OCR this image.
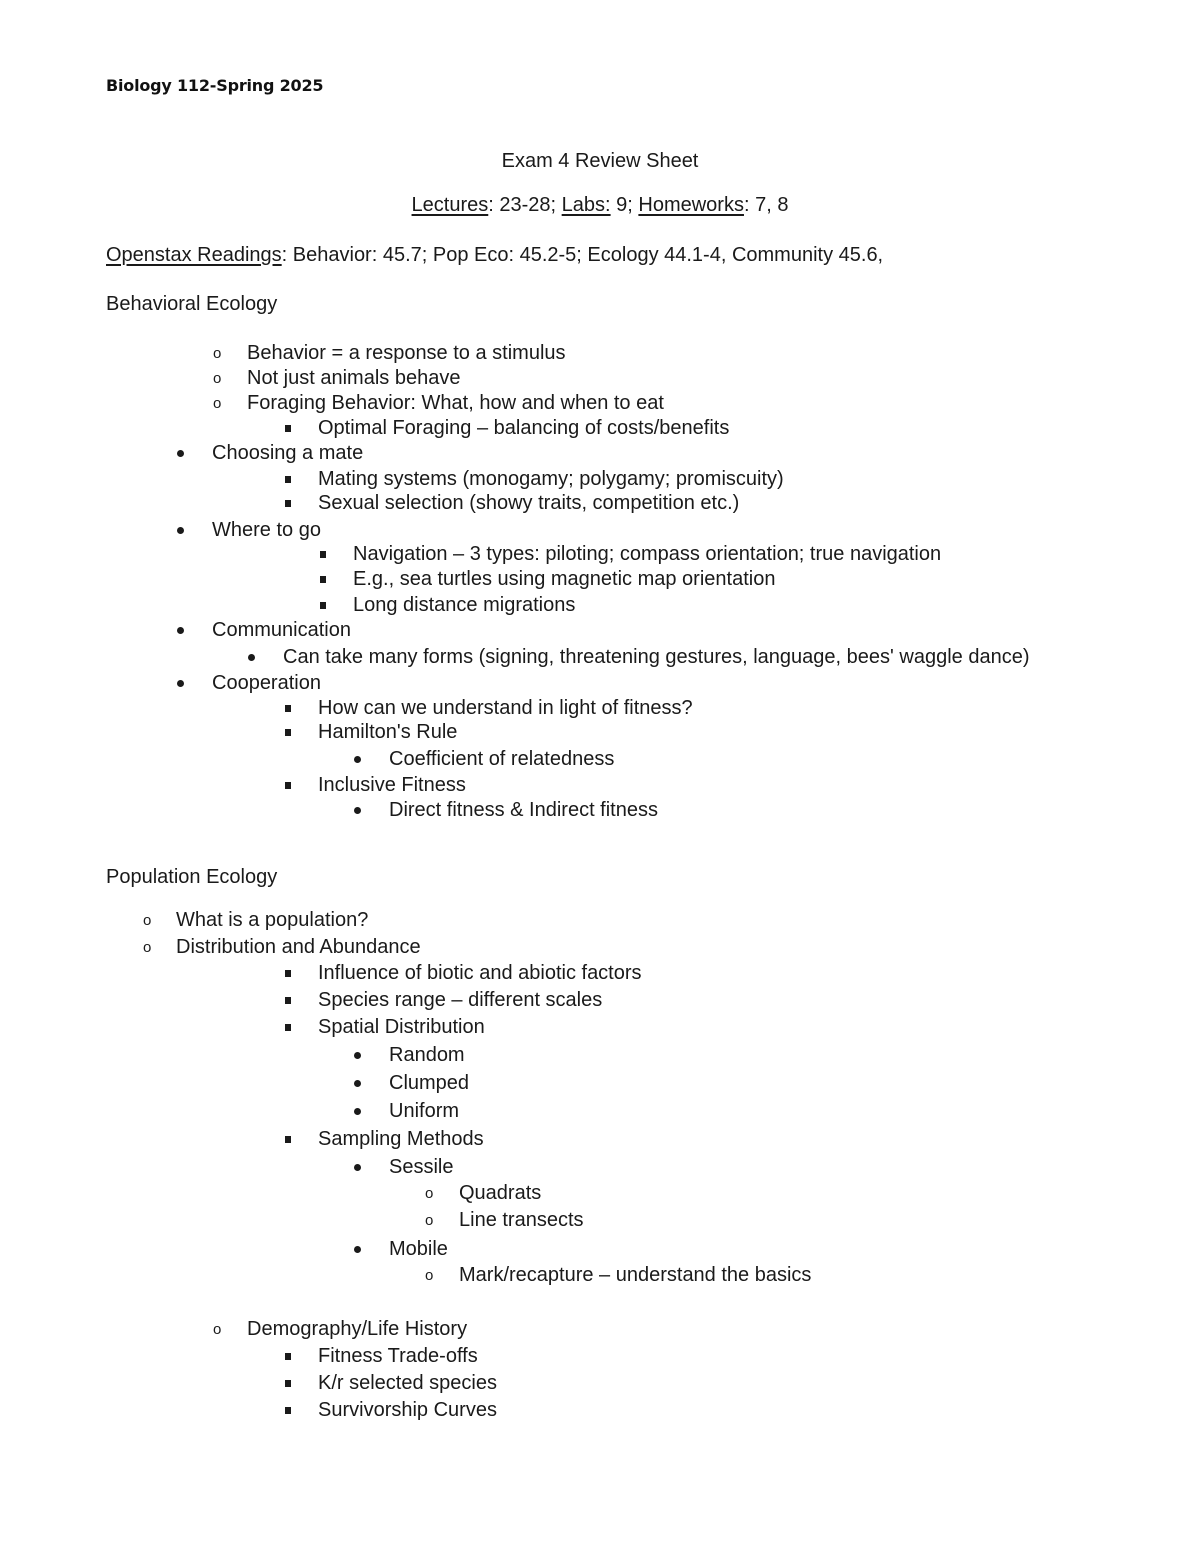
Biology 112-Spring 2025
Exam 4 Review Sheet
Lectures: 23-28; Labs: 9; Homeworks: 7, 8
Openstax Readings: Behavior: 45.7; Pop Eco: 45.2-5; Ecology 44.1-4, Community 45.6,
Behavioral Ecology
o Behavior = a response to a stimulus
o Not just animals behave
o Foraging Behavior: What, how and when to eat
Optimal Foraging – balancing of costs/benefits
Choosing a mate
Mating systems (monogamy; polygamy; promiscuity)
Sexual selection (showy traits, competition etc.)
Where to go
Navigation – 3 types: piloting; compass orientation; true navigation
E.g., sea turtles using magnetic map orientation
Long distance migrations
Communication
Can take many forms (signing, threatening gestures, language, bees' waggle dance)
Cooperation
How can we understand in light of fitness?
Hamilton's Rule
Coefficient of relatedness
Inclusive Fitness
Direct fitness & Indirect fitness
Population Ecology
o What is a population?
o Distribution and Abundance
Influence of biotic and abiotic factors
Species range – different scales
Spatial Distribution
Random
Clumped
Uniform
Sampling Methods
Sessile
o Quadrats
o Line transects
Mobile
o Mark/recapture – understand the basics
o Demography/Life History
Fitness Trade-offs
K/r selected species
Survivorship Curves
